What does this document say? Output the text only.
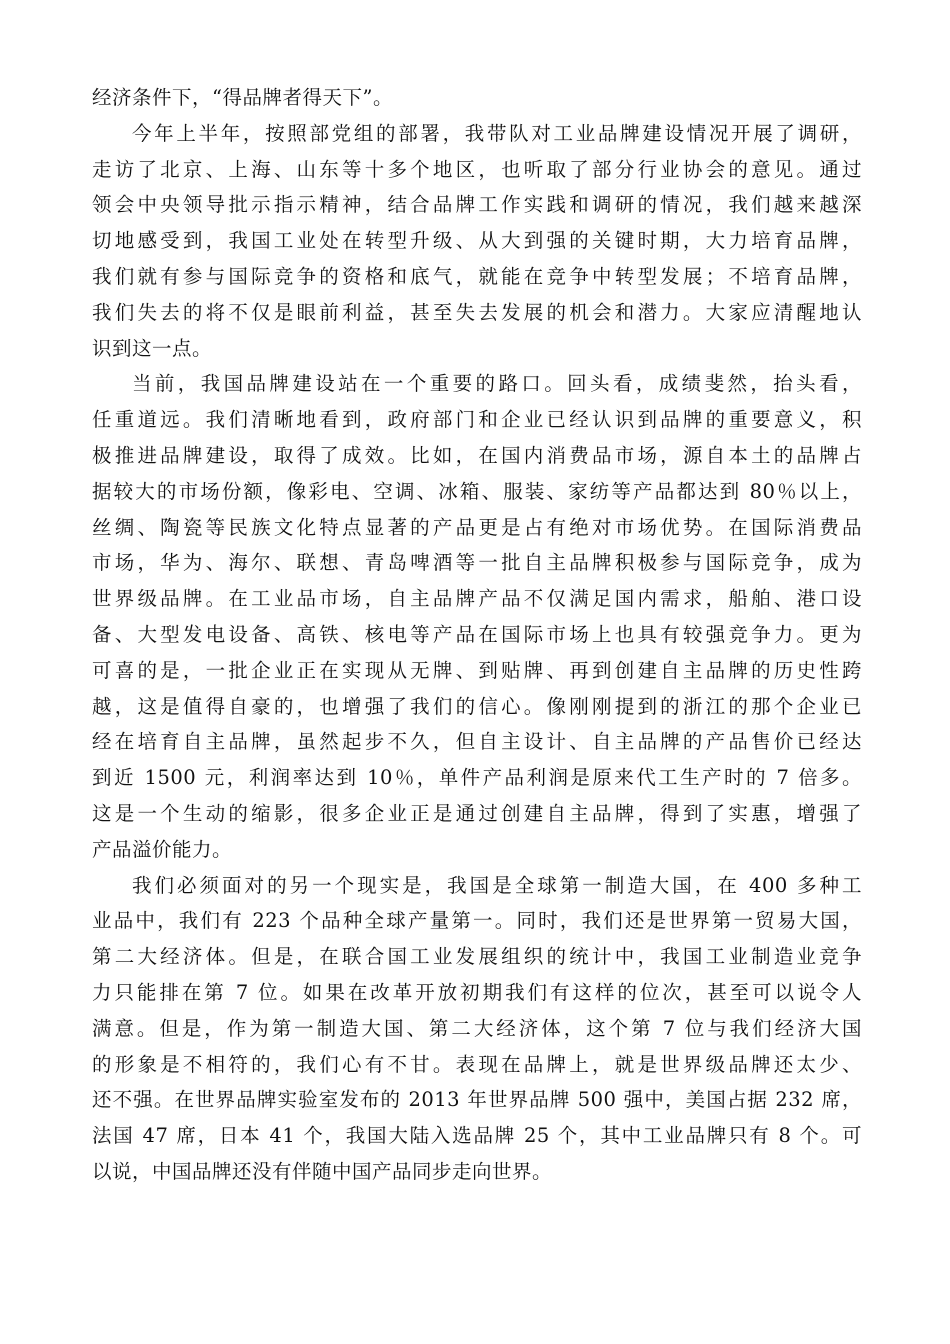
经济条件下，“得品牌者得天下”。
今年上半年，按照部党组的部署，我带队对工业品牌建设情况开展了调研，
走访了北京、上海、山东等十多个地区，也听取了部分行业协会的意见。通过
领会中央领导批示指示精神，结合品牌工作实践和调研的情况，我们越来越深
切地感受到，我国工业处在转型升级、从大到强的关键时期，大力培育品牌，
我们就有参与国际竞争的资格和底气，就能在竞争中转型发展；不培育品牌，
我们失去的将不仅是眼前利益，甚至失去发展的机会和潜力。大家应清醒地认
识到这一点。
当前，我国品牌建设站在一个重要的路口。回头看，成绩斐然，抬头看，
任重道远。我们清晰地看到，政府部门和企业已经认识到品牌的重要意义，积
极推进品牌建设，取得了成效。比如，在国内消费品市场，源自本土的品牌占
据较大的市场份额，像彩电、空调、冰箱、服装、家纺等产品都达到 80％以上，
丝绸、陶瓷等民族文化特点显著的产品更是占有绝对市场优势。在国际消费品
市场，华为、海尔、联想、青岛啤酒等一批自主品牌积极参与国际竞争，成为
世界级品牌。在工业品市场，自主品牌产品不仅满足国内需求，船舶、港口设
备、大型发电设备、高铁、核电等产品在国际市场上也具有较强竞争力。更为
可喜的是，一批企业正在实现从无牌、到贴牌、再到创建自主品牌的历史性跨
越，这是值得自豪的，也增强了我们的信心。像刚刚提到的浙江的那个企业已
经在培育自主品牌，虽然起步不久，但自主设计、自主品牌的产品售价已经达
到近 1500 元，利润率达到 10％，单件产品利润是原来代工生产时的 7 倍多。
这是一个生动的缩影，很多企业正是通过创建自主品牌，得到了实惠，增强了
产品溢价能力。
我们必须面对的另一个现实是，我国是全球第一制造大国，在 400 多种工
业品中，我们有 223 个品种全球产量第一。同时，我们还是世界第一贸易大国，
第二大经济体。但是，在联合国工业发展组织的统计中，我国工业制造业竞争
力只能排在第 7 位。如果在改革开放初期我们有这样的位次，甚至可以说令人
满意。但是，作为第一制造大国、第二大经济体，这个第 7 位与我们经济大国
的形象是不相符的，我们心有不甘。表现在品牌上，就是世界级品牌还太少、
还不强。在世界品牌实验室发布的 2013 年世界品牌 500 强中，美国占据 232 席，
法国 47 席，日本 41 个，我国大陆入选品牌 25 个，其中工业品牌只有 8 个。可
以说，中国品牌还没有伴随中国产品同步走向世界。
